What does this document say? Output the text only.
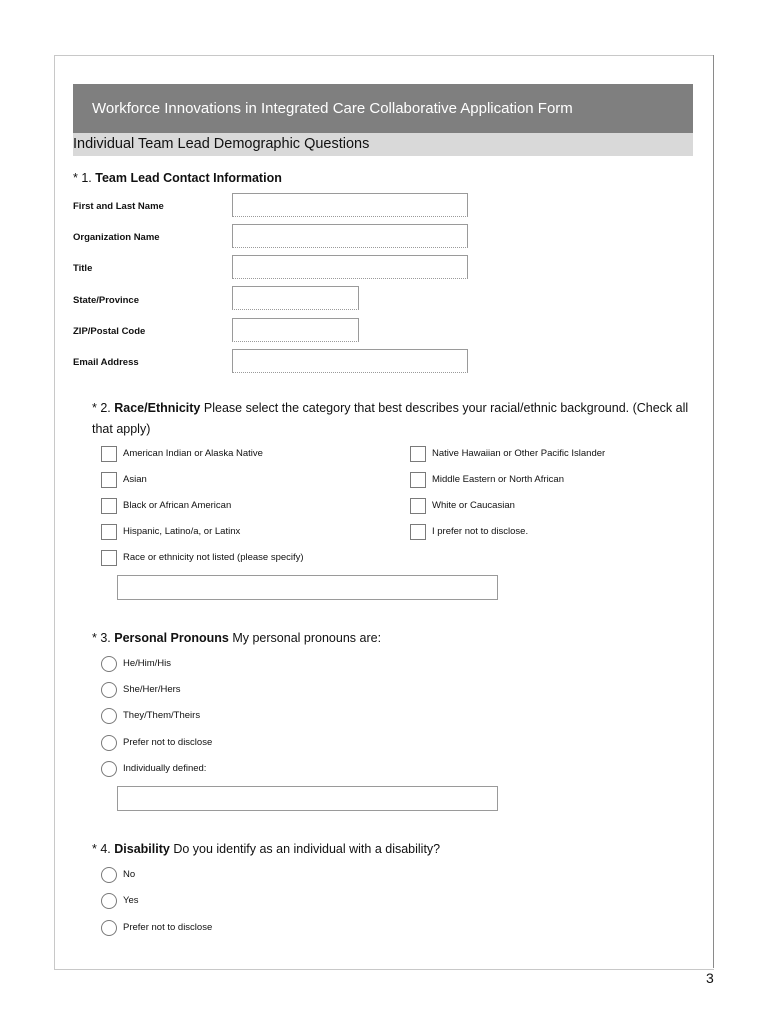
Workforce Innovations in Integrated Care Collaborative Application Form
Individual Team Lead Demographic Questions
* 1. Team Lead Contact Information
First and Last Name
Organization Name
Title
State/Province
ZIP/Postal Code
Email Address
* 2. Race/Ethnicity Please select the category that best describes your racial/ethnic background. (Check all
that apply)
American Indian or Alaska Native	Native Hawaiian or Other Pacific Islander
Asian	Middle Eastern or North African
Black or African American	White or Caucasian
Hispanic, Latino/a, or Latinx	I prefer not to disclose.
Race or ethnicity not listed (please specify)
* 3. Personal Pronouns My personal pronouns are:
He/Him/His
She/Her/Hers
They/Them/Theirs
Prefer not to disclose
Individually defined:
* 4. Disability Do you identify as an individual with a disability?
No
Yes
Prefer not to disclose
3
